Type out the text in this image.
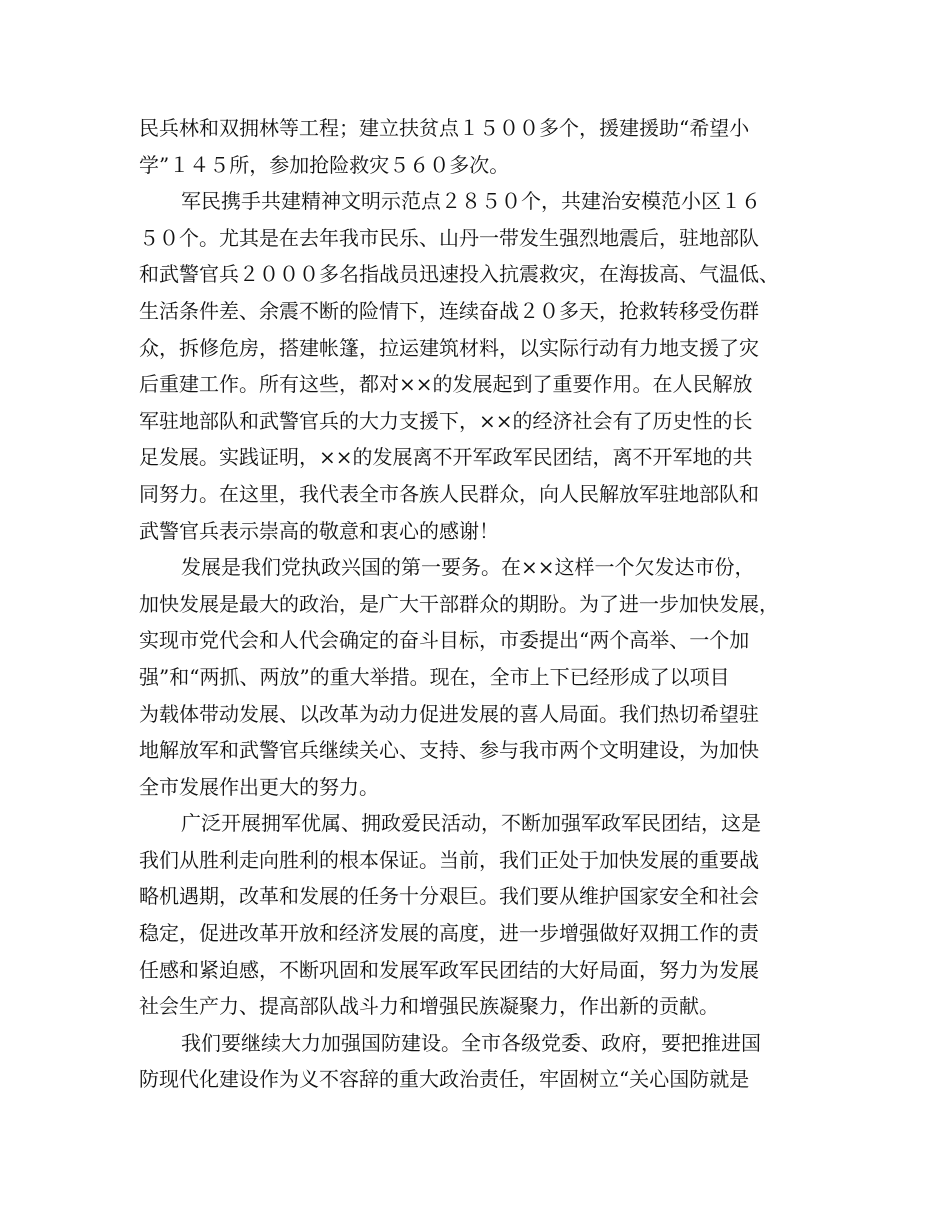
民兵林和双拥林等工程；建立扶贫点１５００多个，援建援助“希望小
学”１４５所，参加抢险救灾５６０多次。
军民携手共建精神文明示范点２８５０个，共建治安模范小区１６
５０个。尤其是在去年我市民乐、山丹一带发生强烈地震后，驻地部队
和武警官兵２０００多名指战员迅速投入抗震救灾，在海拔高、气温低、
生活条件差、余震不断的险情下，连续奋战２０多天，抢救转移受伤群
众，拆修危房，搭建帐篷，拉运建筑材料，以实际行动有力地支援了灾
后重建工作。所有这些，都对××的发展起到了重要作用。在人民解放
军驻地部队和武警官兵的大力支援下，××的经济社会有了历史性的长
足发展。实践证明，××的发展离不开军政军民团结，离不开军地的共
同努力。在这里，我代表全市各族人民群众，向人民解放军驻地部队和
武警官兵表示崇高的敬意和衷心的感谢！
发展是我们党执政兴国的第一要务。在××这样一个欠发达市份，
加快发展是最大的政治，是广大干部群众的期盼。为了进一步加快发展，
实现市党代会和人代会确定的奋斗目标，市委提出“两个高举、一个加
强”和“两抓、两放”的重大举措。现在，全市上下已经形成了以项目
为载体带动发展、以改革为动力促进发展的喜人局面。我们热切希望驻
地解放军和武警官兵继续关心、支持、参与我市两个文明建设，为加快
全市发展作出更大的努力。
广泛开展拥军优属、拥政爱民活动，不断加强军政军民团结，这是
我们从胜利走向胜利的根本保证。当前，我们正处于加快发展的重要战
略机遇期，改革和发展的任务十分艰巨。我们要从维护国家安全和社会
稳定，促进改革开放和经济发展的高度，进一步增强做好双拥工作的责
任感和紧迫感，不断巩固和发展军政军民团结的大好局面，努力为发展
社会生产力、提高部队战斗力和增强民族凝聚力，作出新的贡献。
我们要继续大力加强国防建设。全市各级党委、政府，要把推进国
防现代化建设作为义不容辞的重大政治责任，牢固树立“关心国防就是
